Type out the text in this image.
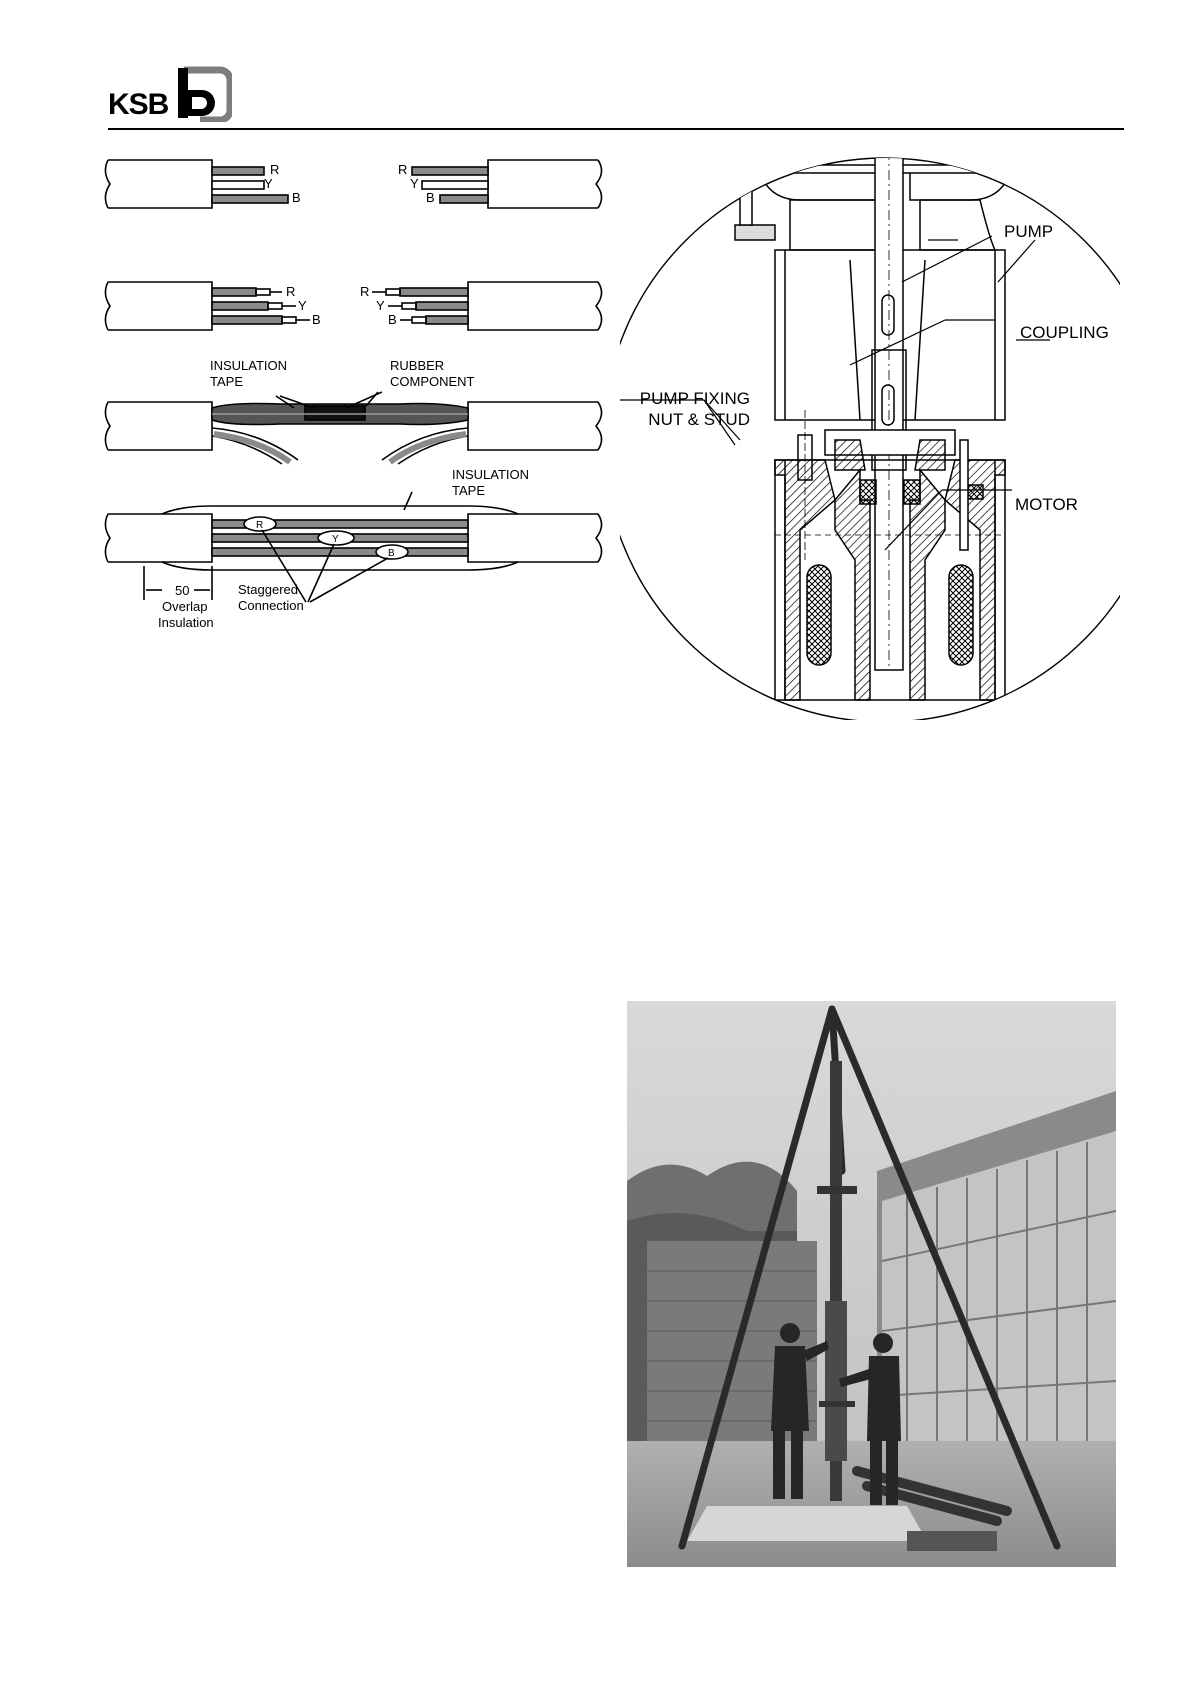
KSB
R
Y
B
R
Y
B
R
Y
B
R
Y
B
INSULATION
TAPE
RUBBER
COMPONENT
INSULATION
TAPE
50
Overlap
Insulation
Staggered
Connection
R
Y
B
PUMP
COUPLING
MOTOR
PUMP FIXING
NUT & STUD
